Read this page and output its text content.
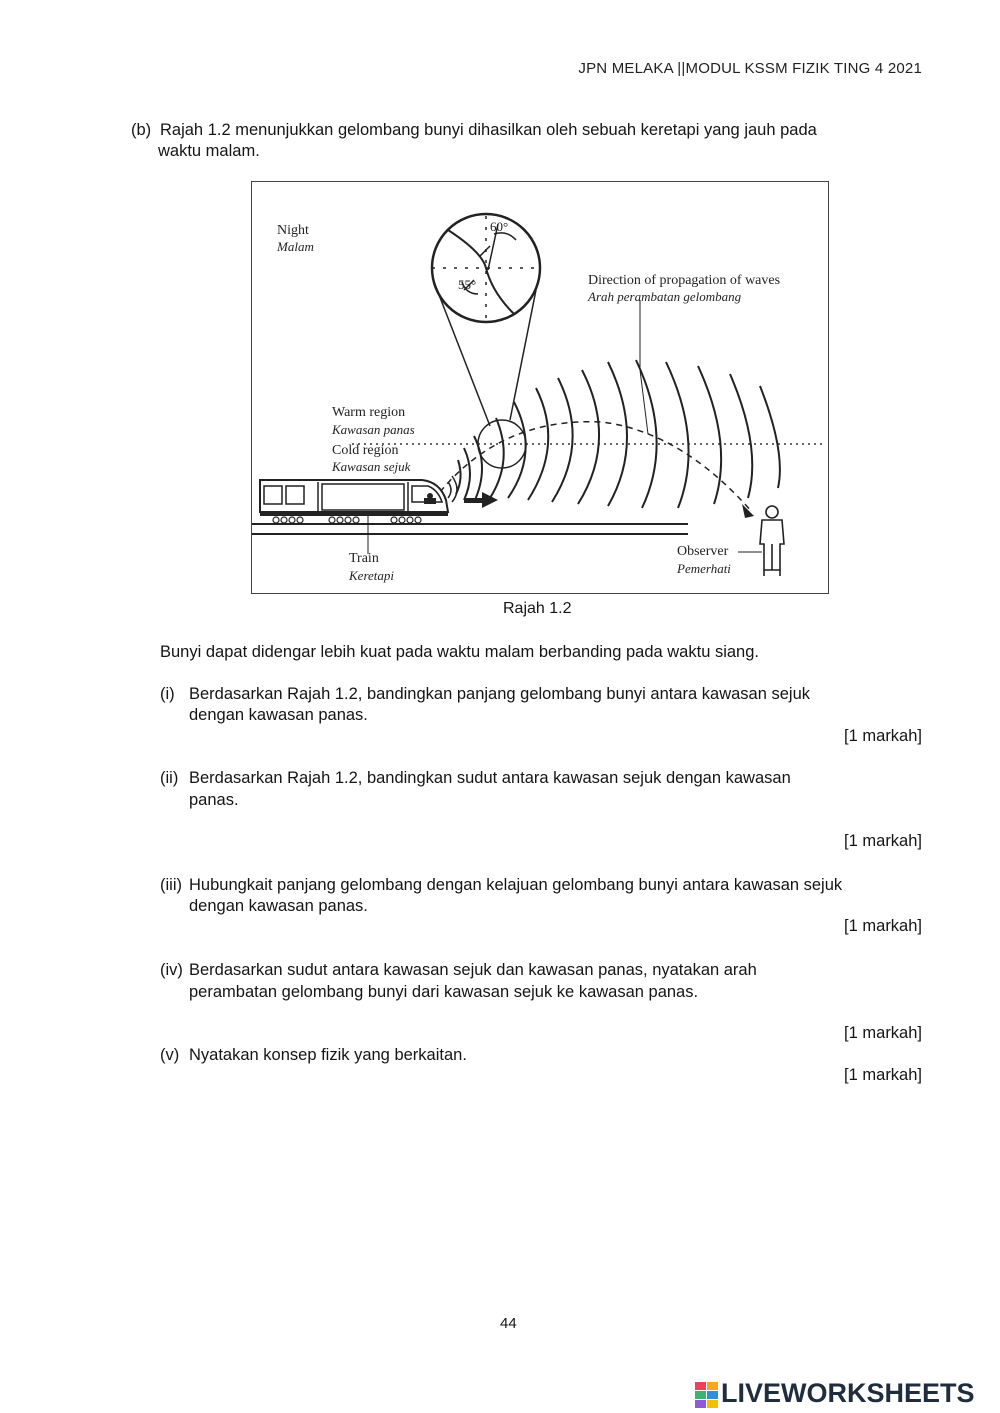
JPN MELAKA ||MODUL KSSM FIZIK TING 4 2021
(b) Rajah 1.2 menunjukkan gelombang bunyi dihasilkan oleh sebuah keretapi yang jauh pada
waktu malam.
Night
Malam
60°
55°	Direction of propagation of waves
Arah perambatan gelombang
Warm region
Kawasan panas
Cold region
Kawasan sejuk
Train
Keretapi
Observer
Pemerhati
Rajah 1.2
Bunyi dapat didengar lebih kuat pada waktu malam berbanding pada waktu siang.
(i) Berdasarkan Rajah 1.2, bandingkan panjang gelombang bunyi antara kawasan sejuk
dengan kawasan panas.
[1 markah]
(ii) Berdasarkan Rajah 1.2, bandingkan sudut antara kawasan sejuk dengan kawasan
panas.
[1 markah]
(iii) Hubungkait panjang gelombang dengan kelajuan gelombang bunyi antara kawasan sejuk
dengan kawasan panas.
[1 markah]
(iv) Berdasarkan sudut antara kawasan sejuk dan kawasan panas, nyatakan arah
perambatan gelombang bunyi dari kawasan sejuk ke kawasan panas.
[1 markah]
(v) Nyatakan konsep fizik yang berkaitan.
[1 markah]
44
LIVEWORKSHEETS
